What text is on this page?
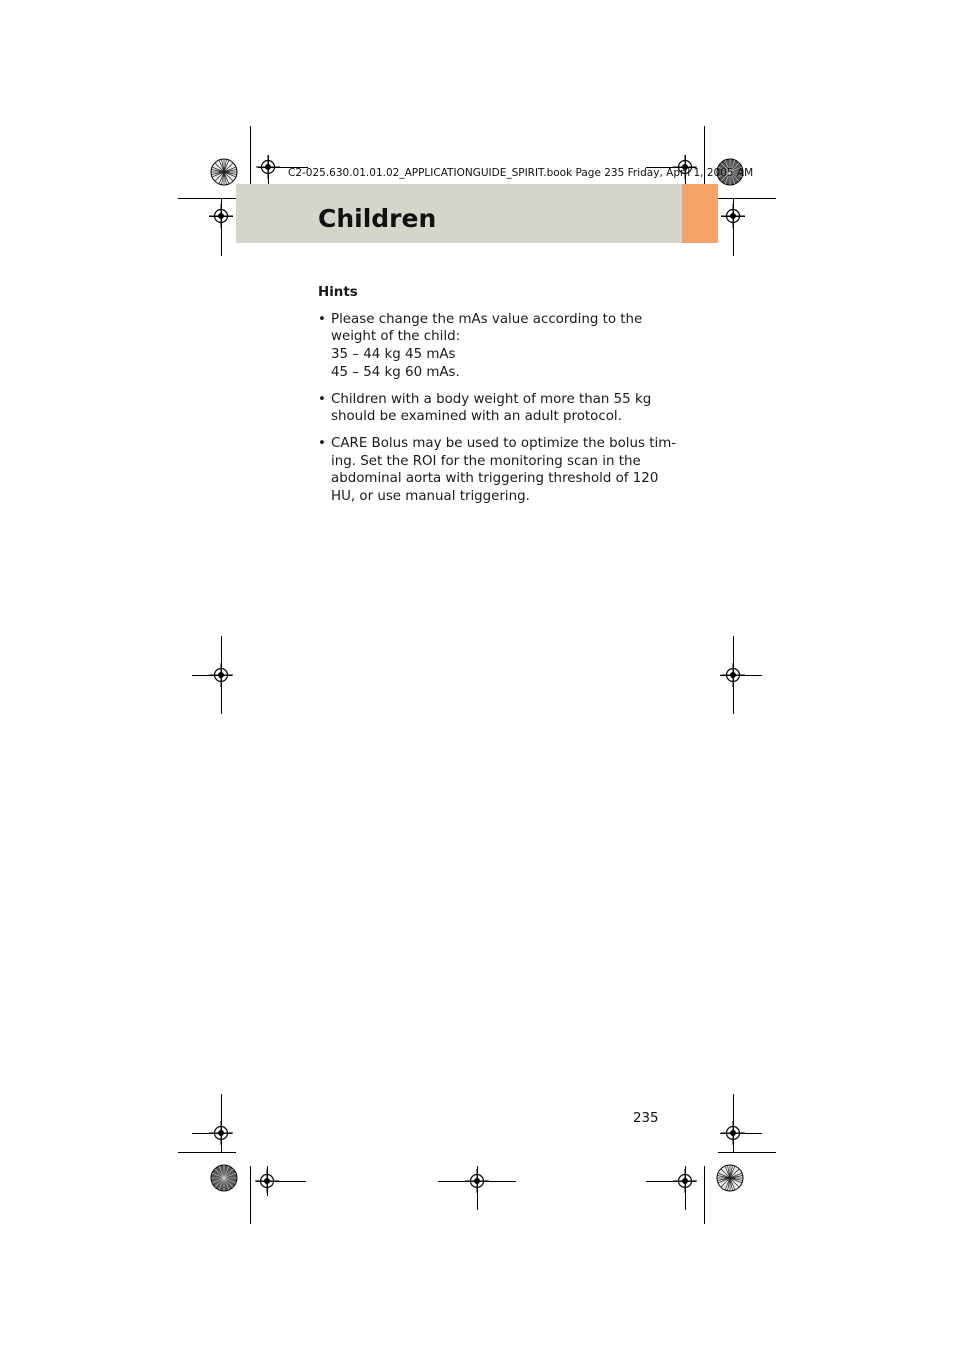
C2-025.630.01.01.02_APPLICATIONGUIDE_SPIRIT.book Page 235 Friday, April 1, 2005 AM
Children
Hints
• Please change the mAs value according to the
weight of the child:
35 – 44 kg 45 mAs
45 – 54 kg 60 mAs.
• Children with a body weight of more than 55 kg
should be examined with an adult protocol.
• CARE Bolus may be used to optimize the bolus tim-
ing. Set the ROI for the monitoring scan in the
abdominal aorta with triggering threshold of 120
HU, or use manual triggering.
235
